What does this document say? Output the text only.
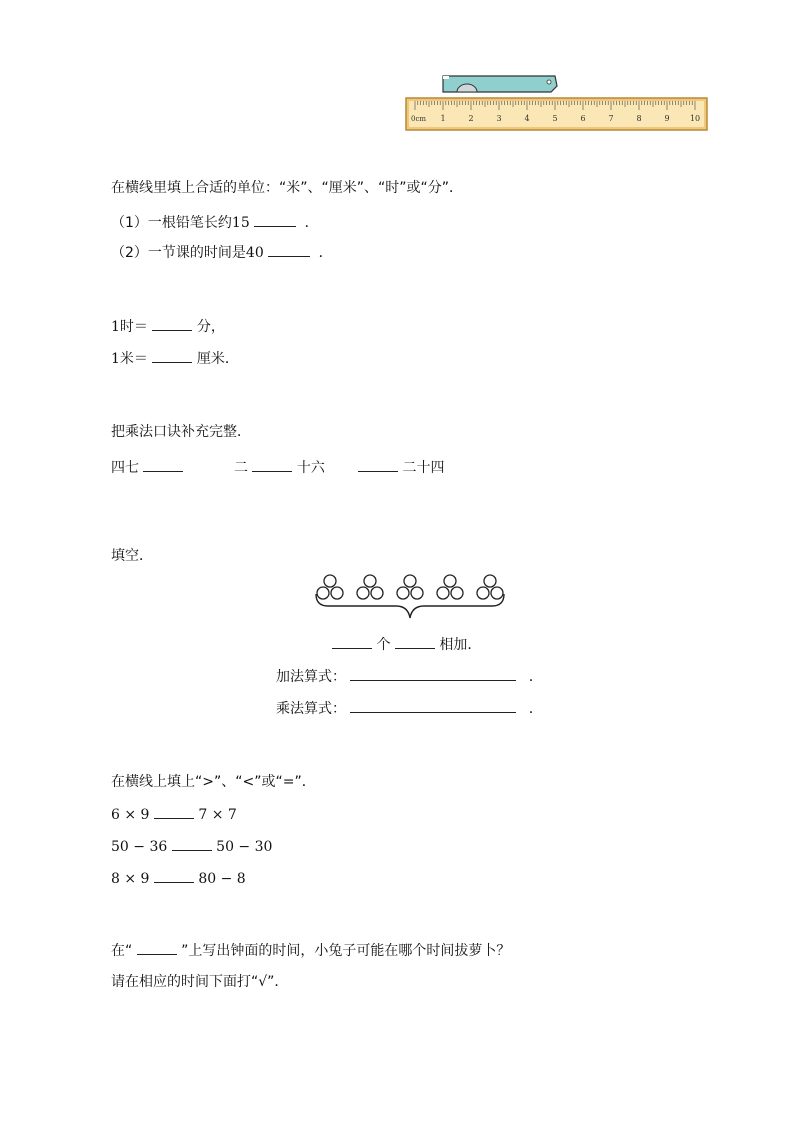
0cm 1	2	3	4	5	6	7	8	9	10
在横线里填上合适的单位：“米”、“厘米”、“时”或“分”．
（1）一根铅笔长约15	．
（2）一节课的时间是40	．
1时＝	分，
1米＝	厘米．
把乘法口诀补充完整．
四七	二	十六	二十四
填空．
个	相加．
加法算式：	．
乘法算式：	．
在横线上填上“>”、“<”或“=”．
6 × 9	7 × 7
50 − 36	50 − 30
8 × 9	80 − 8
在“	”上写出钟面的时间，小兔子可能在哪个时间拔萝卜？
请在相应的时间下面打“√”．
